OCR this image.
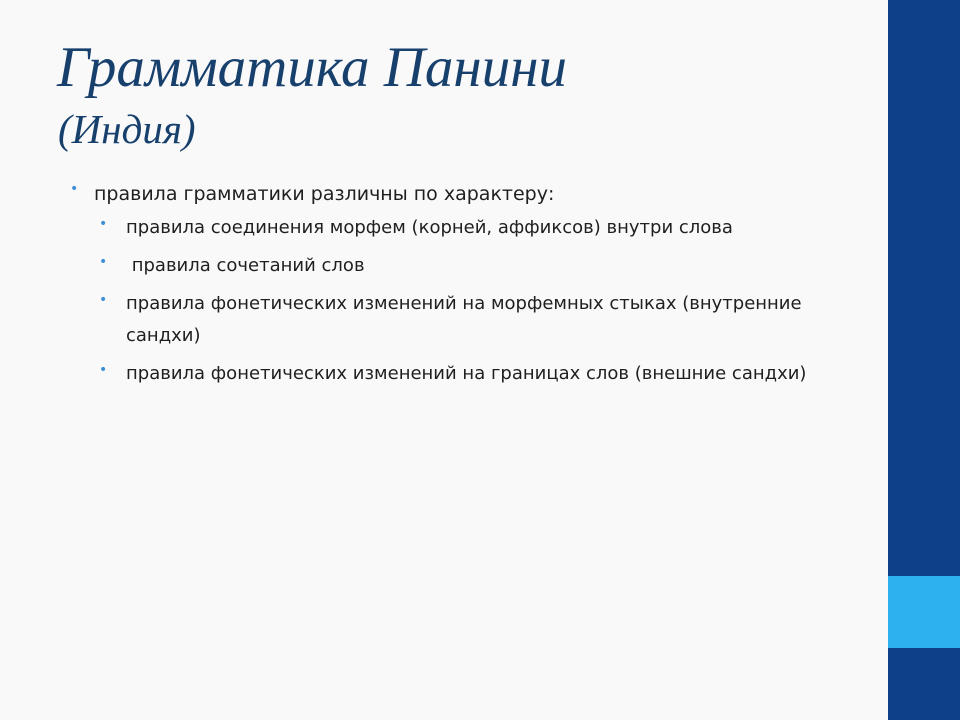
Грамматика Панини
(Индия)
• правила грамматики различны по характеру:
• правила соединения морфем (корней, аффиксов) внутри слова
• правила сочетаний слов
• правила фонетических изменений на морфемных стыках (внутренние сандхи)
• правила фонетических изменений на границах слов (внешние сандхи)
